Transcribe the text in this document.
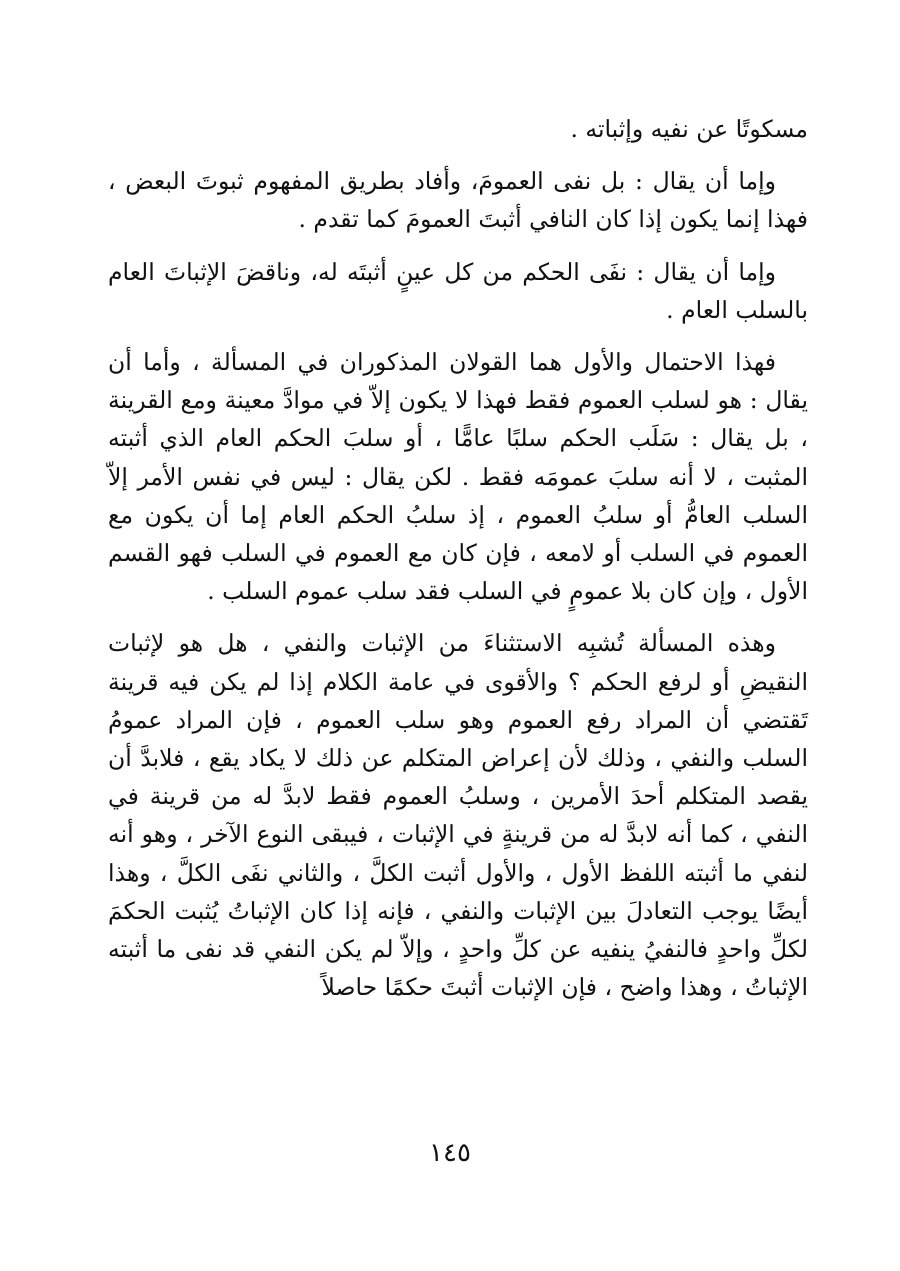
مسكوتًا عن نفيه وإثباته .

وإما أن يقال : بل نفى العمومَ، وأفاد بطريق المفهوم ثبوتَ البعض ، فهذا إنما يكون إذا كان النافي أثبتَ العمومَ كما تقدم .

وإما أن يقال : نفَى الحكم من كل عينٍ أثبتَه له، وناقضَ الإثباتَ العام بالسلب العام .

فهذا الاحتمال والأول هما القولان المذكوران في المسألة ، وأما أن يقال : هو لسلب العموم فقط فهذا لا يكون إلاّ في موادَّ معينة ومع القرينة ، بل يقال : سَلَب الحكم سلبًا عامًّا ، أو سلبَ الحكم العام الذي أثبته المثبت ، لا أنه سلبَ عمومَه فقط . لكن يقال : ليس في نفس الأمر إلاّ السلب العامُّ أو سلبُ العموم ، إذ سلبُ الحكم العام إما أن يكون مع العموم في السلب أو لامعه ، فإن كان مع العموم في السلب فهو القسم الأول ، وإن كان بلا عمومٍ في السلب فقد سلب عموم السلب .

وهذه المسألة تُشبِه الاستثناءَ من الإثبات والنفي ، هل هو لإثبات النقيضِ أو لرفع الحكم ؟ والأقوى في عامة الكلام إذا لم يكن فيه قرينة تَقتضي أن المراد رفع العموم وهو سلب العموم ، فإن المراد عمومُ السلب والنفي ، وذلك لأن إعراض المتكلم عن ذلك لا يكاد يقع ، فلابدَّ أن يقصد المتكلم أحدَ الأمرين ، وسلبُ العموم فقط لابدَّ له من قرينة في النفي ، كما أنه لابدَّ له من قرينةٍ في الإثبات ، فيبقى النوع الآخر ، وهو أنه لنفي ما أثبته اللفظ الأول ، والأول أثبت الكلَّ ، والثاني نفَى الكلَّ ، وهذا أيضًا يوجب التعادلَ بين الإثبات والنفي ، فإنه إذا كان الإثباتُ يُثبت الحكمَ لكلِّ واحدٍ فالنفيُ ينفيه عن كلِّ واحدٍ ، وإلاّ لم يكن النفي قد نفى ما أثبته الإثباتُ ، وهذا واضح ، فإن الإثبات أثبتَ حكمًا حاصلاً

١٤٥
